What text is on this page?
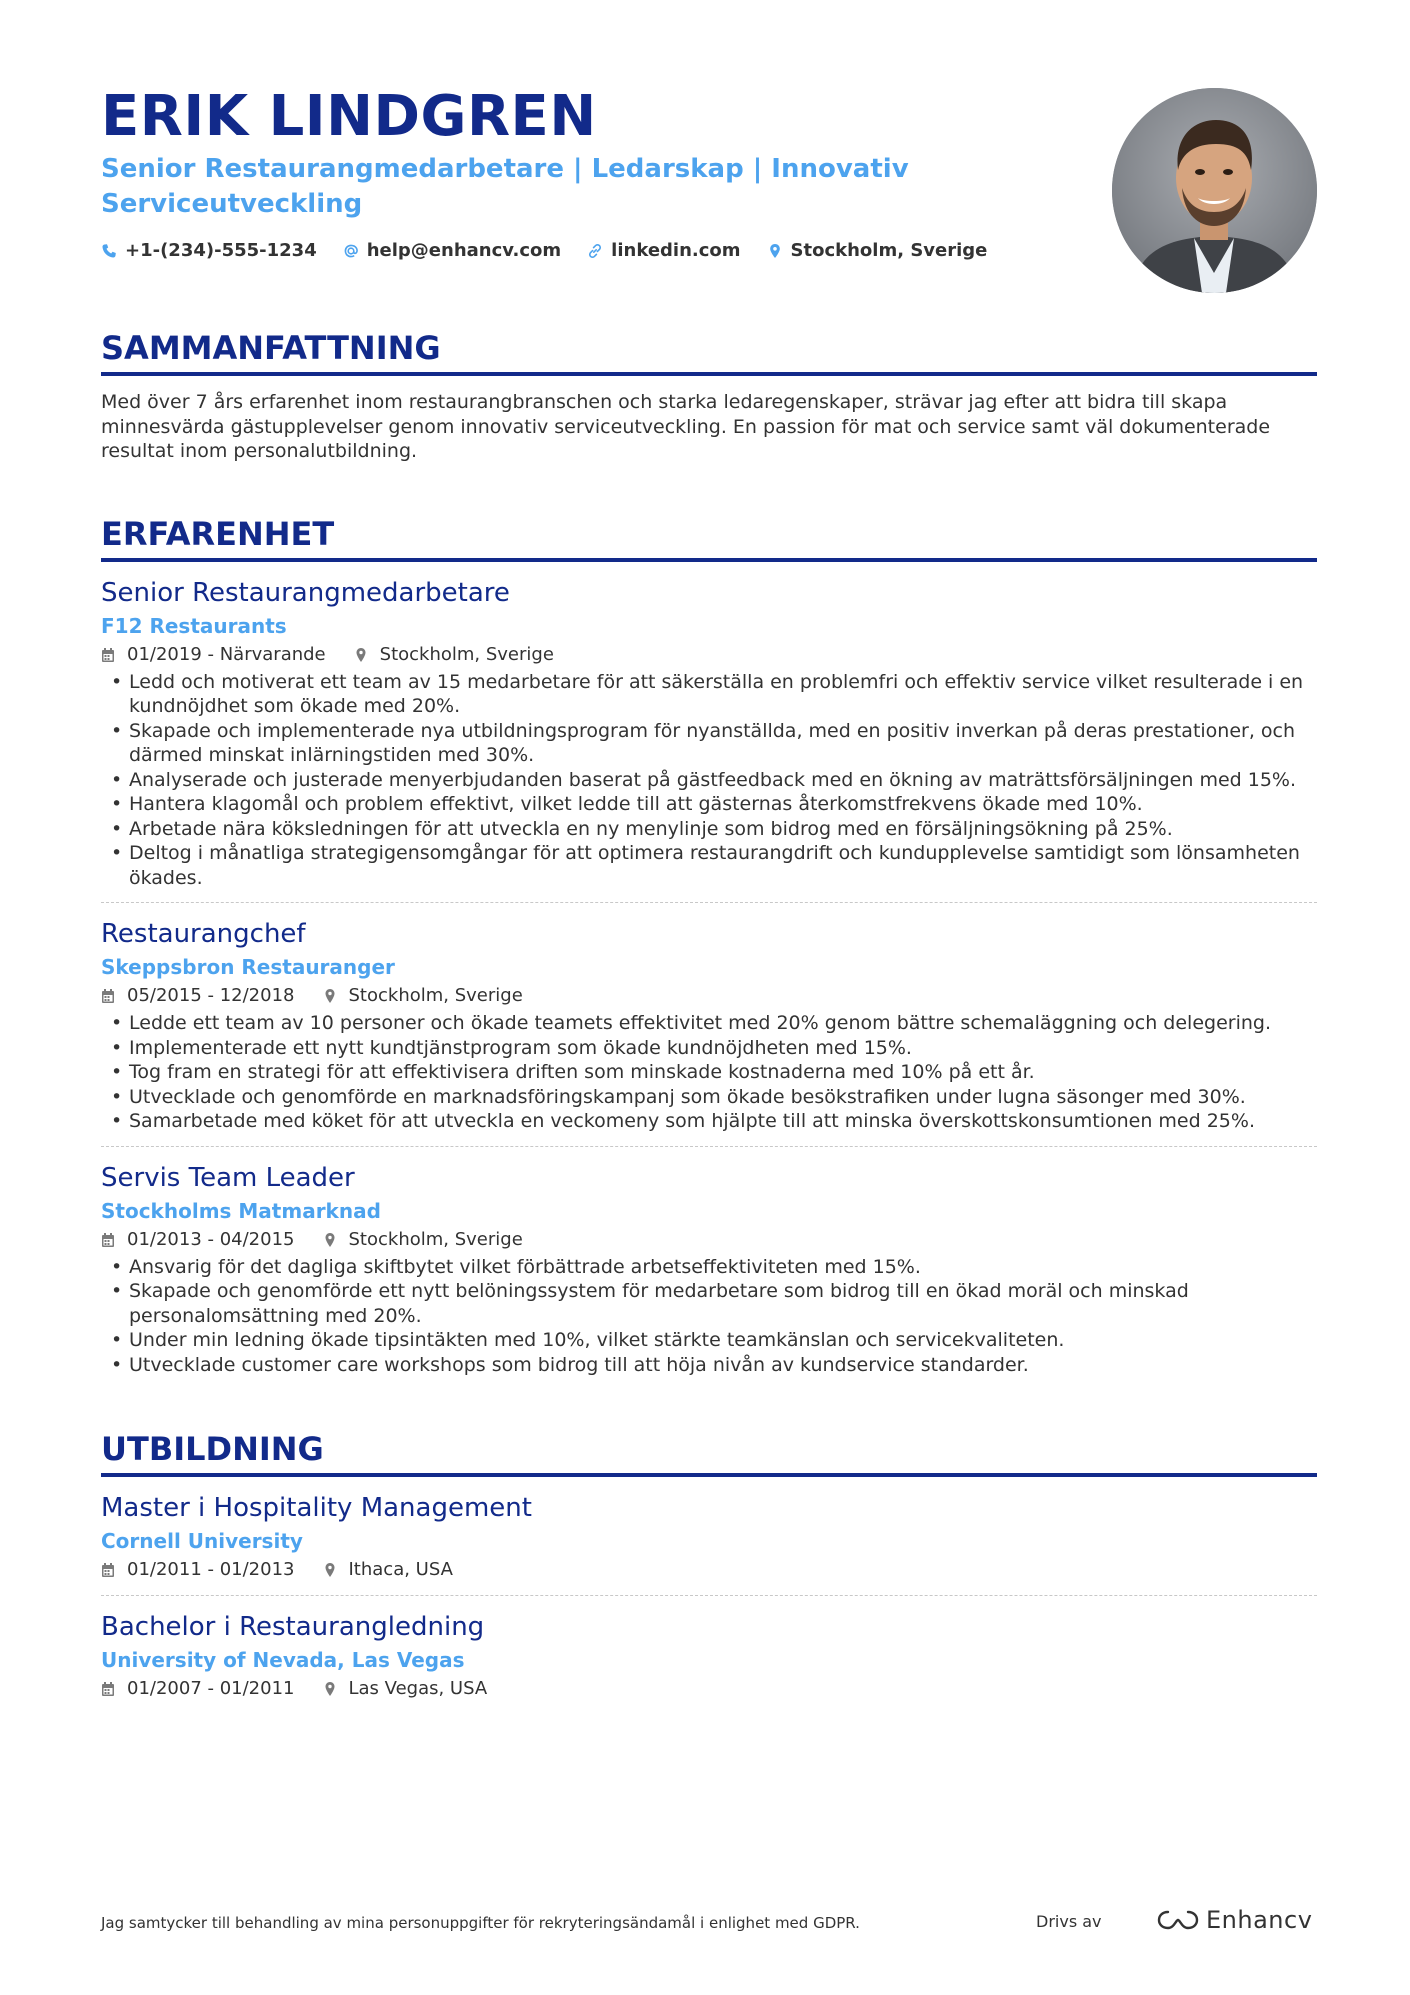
ERIK LINDGREN
Senior Restaurangmedarbetare | Ledarskap | Innovativ Serviceutveckling
+1-(234)-555-1234	help@enhancv.com	linkedin.com	Stockholm, Sverige
SAMMANFATTNING
Med över 7 års erfarenhet inom restaurangbranschen och starka ledaregenskaper, strävar jag efter att bidra till skapa minnesvärda gästupplevelser genom innovativ serviceutveckling. En passion för mat och service samt väl dokumenterade resultat inom personalutbildning.
ERFARENHET
Senior Restaurangmedarbetare
F12 Restaurants
01/2019 - Närvarande	Stockholm, Sverige
• Ledd och motiverat ett team av 15 medarbetare för att säkerställa en problemfri och effektiv service vilket resulterade i en kundnöjdhet som ökade med 20%.
• Skapade och implementerade nya utbildningsprogram för nyanställda, med en positiv inverkan på deras prestationer, och därmed minskat inlärningstiden med 30%.
• Analyserade och justerade menyerbjudanden baserat på gästfeedback med en ökning av maträttsförsäljningen med 15%.
• Hantera klagomål och problem effektivt, vilket ledde till att gästernas återkomstfrekvens ökade med 10%.
• Arbetade nära köksledningen för att utveckla en ny menylinje som bidrog med en försäljningsökning på 25%.
• Deltog i månatliga strategigensomgångar för att optimera restaurangdrift och kundupplevelse samtidigt som lönsamheten ökades.
Restaurangchef
Skeppsbron Restauranger
05/2015 - 12/2018	Stockholm, Sverige
• Ledde ett team av 10 personer och ökade teamets effektivitet med 20% genom bättre schemaläggning och delegering.
• Implementerade ett nytt kundtjänstprogram som ökade kundnöjdheten med 15%.
• Tog fram en strategi för att effektivisera driften som minskade kostnaderna med 10% på ett år.
• Utvecklade och genomförde en marknadsföringskampanj som ökade besökstrafiken under lugna säsonger med 30%.
• Samarbetade med köket för att utveckla en veckomeny som hjälpte till att minska överskottskonsumtionen med 25%.
Servis Team Leader
Stockholms Matmarknad
01/2013 - 04/2015	Stockholm, Sverige
• Ansvarig för det dagliga skiftbytet vilket förbättrade arbetseffektiviteten med 15%.
• Skapade och genomförde ett nytt belöningssystem för medarbetare som bidrog till en ökad moräl och minskad personalomsättning med 20%.
• Under min ledning ökade tipsintäkten med 10%, vilket stärkte teamkänslan och servicekvaliteten.
• Utvecklade customer care workshops som bidrog till att höja nivån av kundservice standarder.
UTBILDNING
Master i Hospitality Management
Cornell University
01/2011 - 01/2013	Ithaca, USA
Bachelor i Restaurangledning
University of Nevada, Las Vegas
01/2007 - 01/2011	Las Vegas, USA
Jag samtycker till behandling av mina personuppgifter för rekryteringsändamål i enlighet med GDPR.	Drivs av	Enhancv
